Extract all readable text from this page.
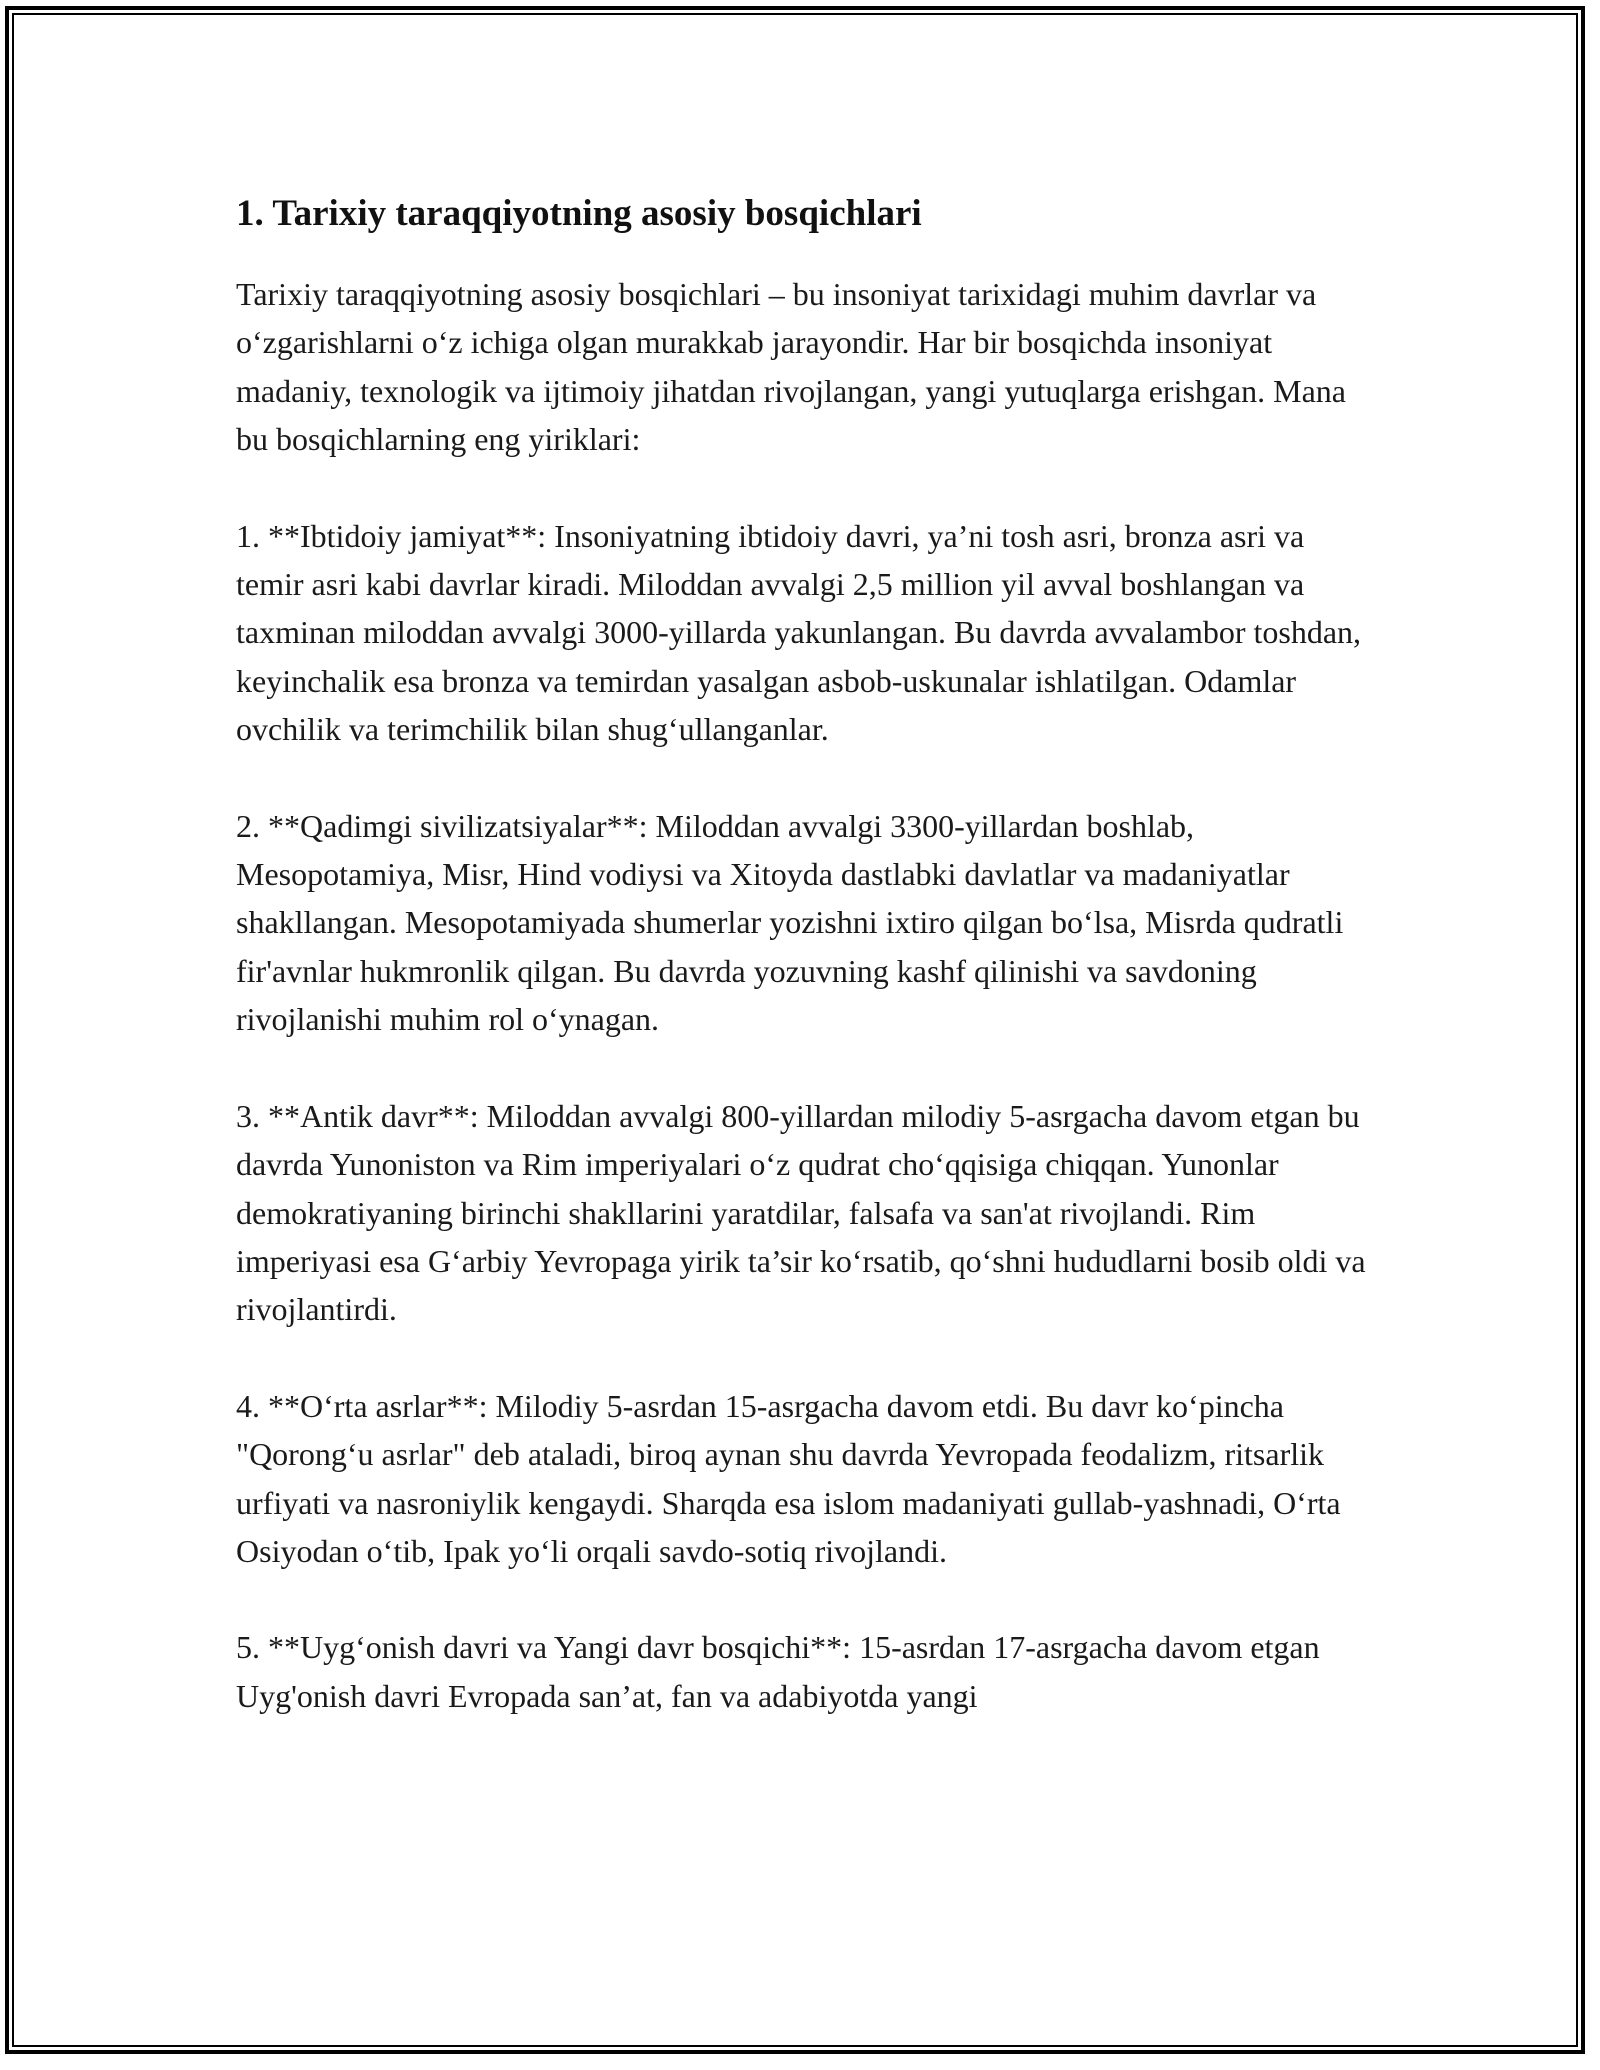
1. Tarixiy taraqqiyotning asosiy bosqichlari

Tarixiy taraqqiyotning asosiy bosqichlari – bu insoniyat tarixidagi muhim davrlar va o‘zgarishlarni o‘z ichiga olgan murakkab jarayondir. Har bir bosqichda insoniyat madaniy, texnologik va ijtimoiy jihatdan rivojlangan, yangi yutuqlarga erishgan. Mana bu bosqichlarning eng yiriklari:

1. **Ibtidoiy jamiyat**: Insoniyatning ibtidoiy davri, ya’ni tosh asri, bronza asri va temir asri kabi davrlar kiradi. Miloddan avvalgi 2,5 million yil avval boshlangan va taxminan miloddan avvalgi 3000-yillarda yakunlangan. Bu davrda avvalambor toshdan, keyinchalik esa bronza va temirdan yasalgan asbob-uskunalar ishlatilgan. Odamlar ovchilik va terimchilik bilan shug‘ullanganlar.

2. **Qadimgi sivilizatsiyalar**: Miloddan avvalgi 3300-yillardan boshlab, Mesopotamiya, Misr, Hind vodiysi va Xitoyda dastlabki davlatlar va madaniyatlar shakllangan. Mesopotamiyada shumerlar yozishni ixtiro qilgan bo‘lsa, Misrda qudratli fir'avnlar hukmronlik qilgan. Bu davrda yozuvning kashf qilinishi va savdoning rivojlanishi muhim rol o‘ynagan.

3. **Antik davr**: Miloddan avvalgi 800-yillardan milodiy 5-asrgacha davom etgan bu davrda Yunoniston va Rim imperiyalari o‘z qudrat cho‘qqisiga chiqqan. Yunonlar demokratiyaning birinchi shakllarini yaratdilar, falsafa va san'at rivojlandi. Rim imperiyasi esa G‘arbiy Yevropaga yirik ta’sir ko‘rsatib, qo‘shni hududlarni bosib oldi va rivojlantirdi.

4. **O‘rta asrlar**: Milodiy 5-asrdan 15-asrgacha davom etdi. Bu davr ko‘pincha "Qorong‘u asrlar" deb ataladi, biroq aynan shu davrda Yevropada feodalizm, ritsarlik urfiyati va nasroniylik kengaydi. Sharqda esa islom madaniyati gullab-yashnadi, O‘rta Osiyodan o‘tib, Ipak yo‘li orqali savdo-sotiq rivojlandi.

5. **Uyg‘onish davri va Yangi davr bosqichi**: 15-asrdan 17-asrgacha davom etgan Uyg'onish davri Evropada san’at, fan va adabiyotda yangi
